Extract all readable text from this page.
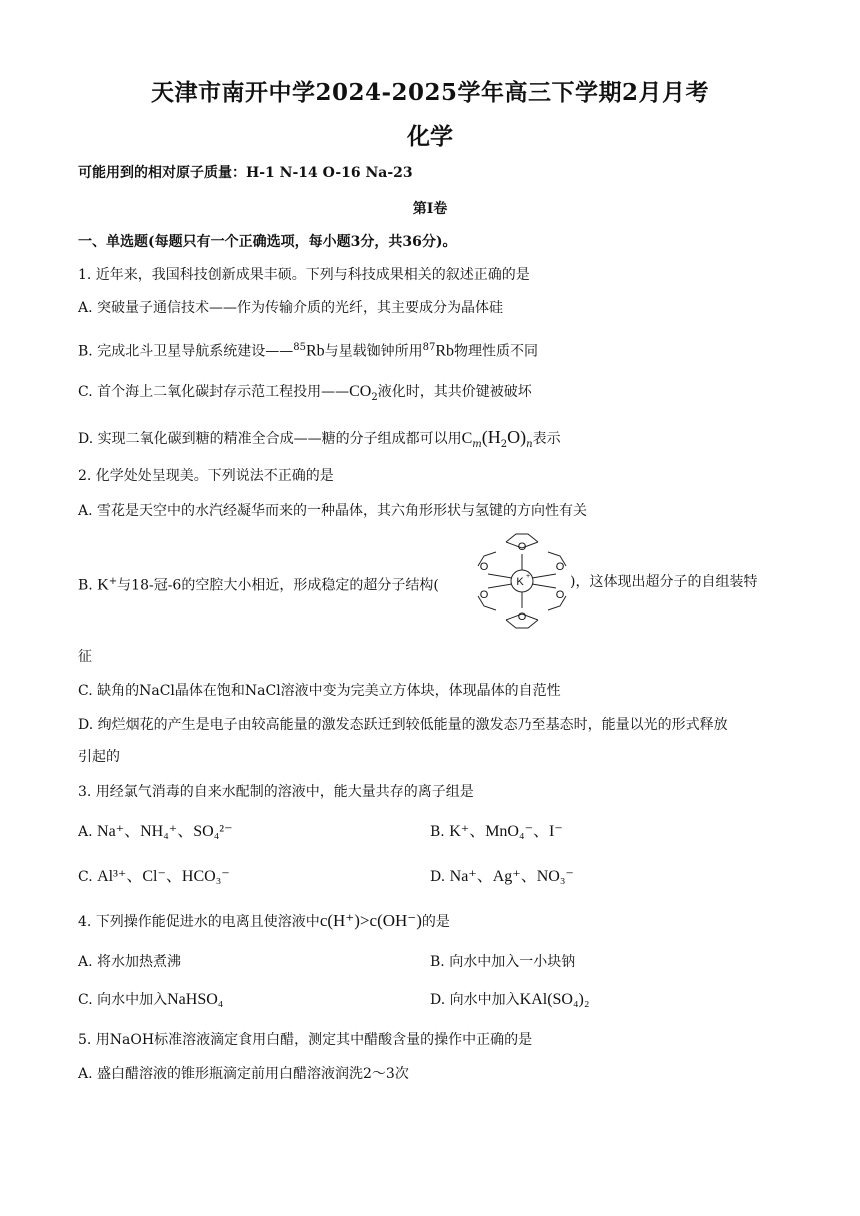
天津市南开中学2024-2025学年高三下学期2月月考
化学
可能用到的相对原子质量：H-1 N-14 O-16 Na-23
第I卷
一、单选题(每题只有一个正确选项，每小题3分，共36分)。
1. 近年来，我国科技创新成果丰硕。下列与科技成果相关的叙述正确的是
A. 突破量子通信技术——作为传输介质的光纤，其主要成分为晶体硅
B. 完成北斗卫星导航系统建设——$^{85}$Rb与星载铷钟所用$^{87}$Rb物理性质不同
C. 首个海上二氧化碳封存示范工程投用$——CO_2$液化时，其共价键被破坏
D. 实现二氧化碳到糖的精准全合成——糖的分子组成都可以用$C_m(H_2O)_n$表示
2. 化学处处呈现美。下列说法不正确的是
A. 雪花是天空中的水汽经凝华而来的一种晶体，其六角形形状与氢键的方向性有关
B. K+与18-冠-6的空腔大小相近，形成稳定的超分子结构(	)，这体现出超分子的自组装特
O
O
O
O
O
O
K +
征
C. 缺角的NaCl晶体在饱和NaCl溶液中变为完美立方体块，体现晶体的自范性
D. 绚烂烟花的产生是电子由较高能量的激发态跃迁到较低能量的激发态乃至基态时，能量以光的形式释放
引起的
3. 用经氯气消毒的自来水配制的溶液中，能大量共存的离子组是
A. Na⁺、NH₄⁺、SO₄²⁻	B. K⁺、MnO₄⁻、I⁻
C. Al³⁺、Cl⁻、HCO₃⁻	D. Na⁺、Ag⁺、NO₃⁻
4. 下列操作能促进水的电离且使溶液中c(H⁺)>c(OH⁻)的是
A. 将水加热煮沸	B. 向水中加入一小块钠
C. 向水中加入NaHSO₄	D. 向水中加入KAl(SO₄)₂
5. 用NaOH标准溶液滴定食用白醋，测定其中醋酸含量的操作中正确的是
A. 盛白醋溶液的锥形瓶滴定前用白醋溶液润洗2～3次
